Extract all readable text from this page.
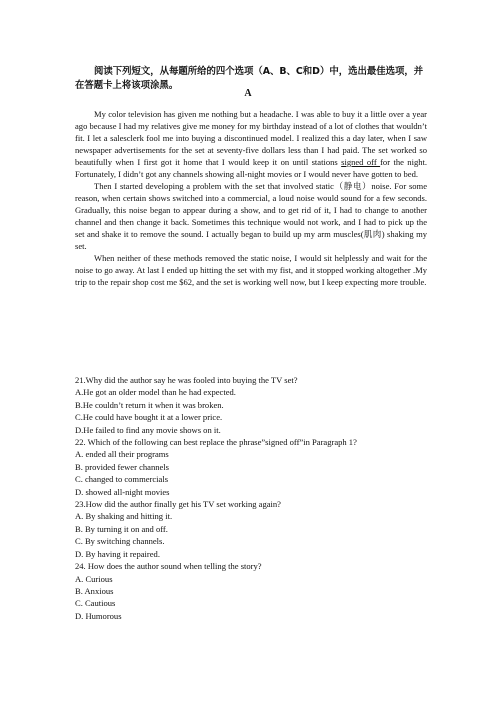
阅读下列短文，从每题所给的四个选项（A、B、C和D）中，选出最佳选项，并在答题卡上将该项涂黑。

A

My color television has given me nothing but a headache. I was able to buy it a little over a year ago because I had my relatives give me money for my birthday instead of a lot of clothes that wouldn’t fit. I let a salesclerk fool me into buying a discontinued model. I realized this a day later, when I saw newspaper advertisements for the set at seventy-five dollars less than I had paid. The set worked so beautifully when I first got it home that I would keep it on until stations signed off for the night. Fortunately, I didn’t got any channels showing all-night movies or I would never have gotten to bed.

Then I started developing a problem with the set that involved static（静电）noise. For some reason, when certain shows switched into a commercial, a loud noise would sound for a few seconds. Gradually, this noise began to appear during a show, and to get rid of it, I had to change to another channel and then change it back. Sometimes this technique would not work, and I had to pick up the set and shake it to remove the sound. I actually began to build up my arm muscles(肌肉) shaking my set.

When neither of these methods removed the static noise, I would sit helplessly and wait for the noise to go away. At last I ended up hitting the set with my fist, and it stopped working altogether .My trip to the repair shop cost me $62, and the set is working well now, but I keep expecting more trouble.

21.Why did the author say he was fooled into buying the TV set?
A.He got an older model than he had expected.
B.He couldn’t return it when it was broken.
C.He could have bought it at a lower price.
D.He failed to find any movie shows on it.
22. Which of the following can best replace the phrase”signed off”in Paragraph 1?
A. ended all their programs
B. provided fewer channels
C. changed to commercials
D. showed all-night movies
23.How did the author finally get his TV set working again?
A. By shaking and hitting it.
B. By turning it on and off.
C. By switching channels.
D. By having it repaired.
24. How does the author sound when telling the story?
A. Curious
B. Anxious
C. Cautious
D. Humorous
